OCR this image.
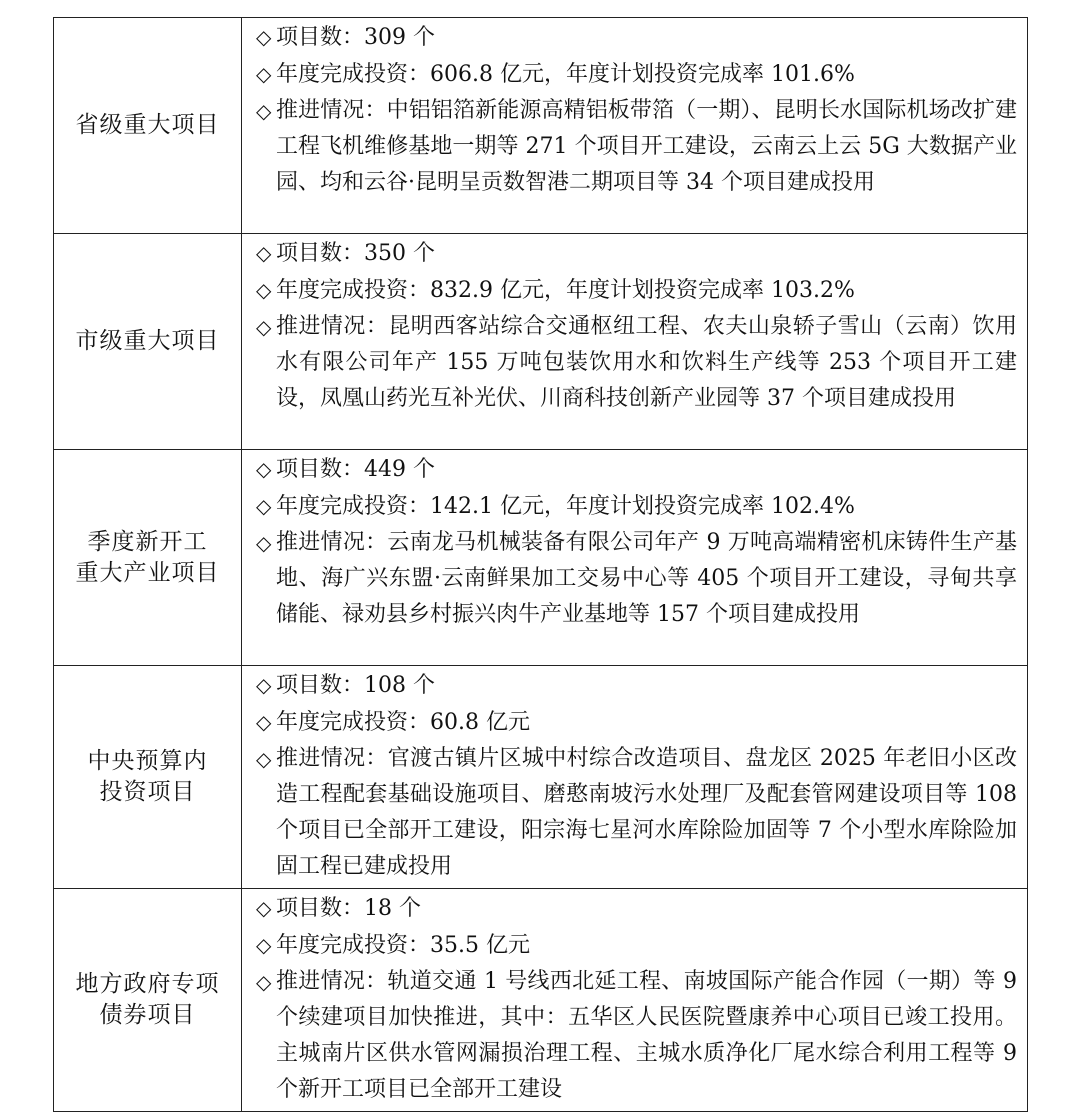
省级重大项目	◇ 项目数：309 个
◇ 年度完成投资：606.8 亿元，年度计划投资完成率 101.6%
◇ 推进情况：中铝铝箔新能源高精铝板带箔（一期）、昆明长水国际机场改扩建工程飞机维修基地一期等 271 个项目开工建设，云南云上云 5G 大数据产业园、均和云谷·昆明呈贡数智港二期项目等 34 个项目建成投用

市级重大项目	◇ 项目数：350 个
◇ 年度完成投资：832.9 亿元，年度计划投资完成率 103.2%
◇ 推进情况：昆明西客站综合交通枢纽工程、农夫山泉轿子雪山（云南）饮用水有限公司年产 155 万吨包装饮用水和饮料生产线等 253 个项目开工建设，凤凰山药光互补光伏、川商科技创新产业园等 37 个项目建成投用

季度新开工
重大产业项目	◇ 项目数：449 个
◇ 年度完成投资：142.1 亿元，年度计划投资完成率 102.4%
◇ 推进情况：云南龙马机械装备有限公司年产 9 万吨高端精密机床铸件生产基地、海广兴东盟·云南鲜果加工交易中心等 405 个项目开工建设，寻甸共享储能、禄劝县乡村振兴肉牛产业基地等 157 个项目建成投用

中央预算内
投资项目	◇ 项目数：108 个
◇ 年度完成投资：60.8 亿元
◇ 推进情况：官渡古镇片区城中村综合改造项目、盘龙区 2025 年老旧小区改造工程配套基础设施项目、磨憨南坡污水处理厂及配套管网建设项目等 108 个项目已全部开工建设，阳宗海七星河水库除险加固等 7 个小型水库除险加固工程已建成投用

地方政府专项
债券项目	◇ 项目数：18 个
◇ 年度完成投资：35.5 亿元
◇ 推进情况：轨道交通 1 号线西北延工程、南坡国际产能合作园（一期）等 9 个续建项目加快推进，其中：五华区人民医院暨康养中心项目已竣工投用。主城南片区供水管网漏损治理工程、主城水质净化厂尾水综合利用工程等 9 个新开工项目已全部开工建设
